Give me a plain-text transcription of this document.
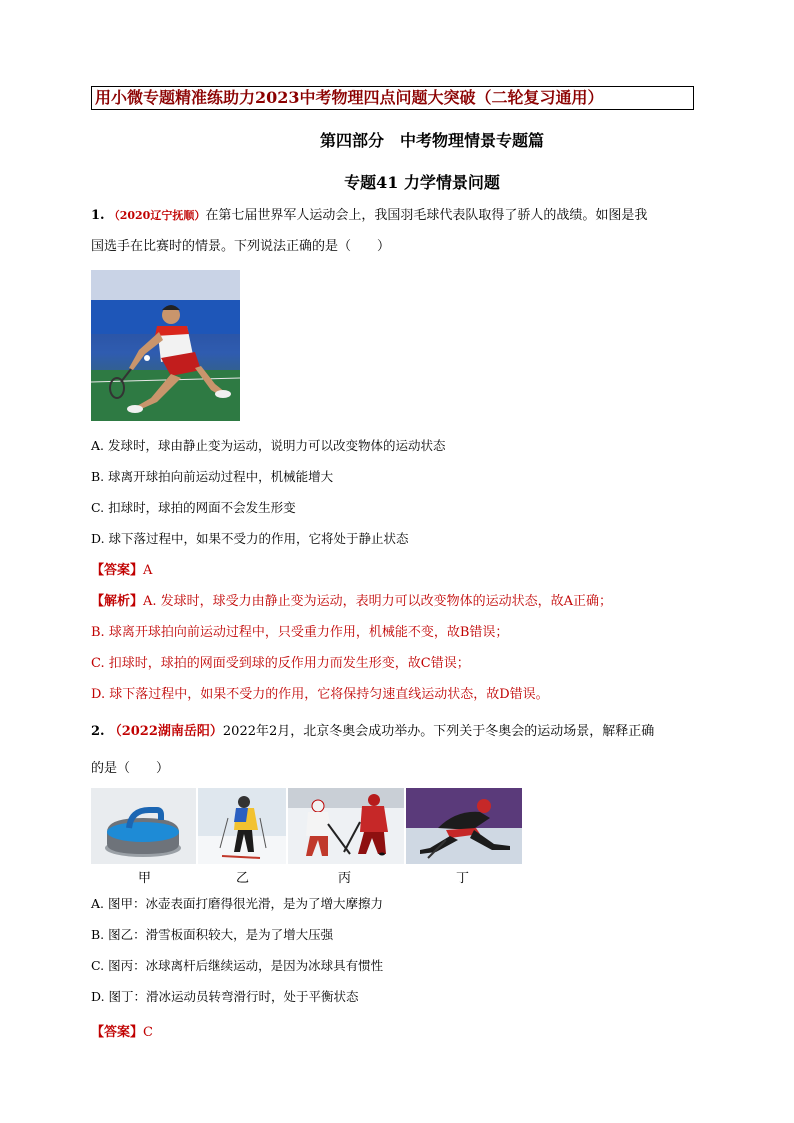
用小微专题精准练助力2023中考物理四点问题大突破（二轮复习通用）
第四部分　中考物理情景专题篇
专题41 力学情景问题
1. （2020辽宁抚顺）在第七届世界军人运动会上，我国羽毛球代表队取得了骄人的战绩。如图是我
国选手在比赛时的情景。下列说法正确的是（　　）
A. 发球时，球由静止变为运动，说明力可以改变物体的运动状态
B. 球离开球拍向前运动过程中，机械能增大
C. 扣球时，球拍的网面不会发生形变
D. 球下落过程中，如果不受力的作用，它将处于静止状态
【答案】A
【解析】A. 发球时，球受力由静止变为运动，表明力可以改变物体的运动状态，故A正确；
B. 球离开球拍向前运动过程中，只受重力作用，机械能不变，故B错误；
C. 扣球时，球拍的网面受到球的反作用力而发生形变，故C错误；
D. 球下落过程中，如果不受力的作用，它将保持匀速直线运动状态，故D错误。
2. （2022湖南岳阳）2022年2月，北京冬奥会成功举办。下列关于冬奥会的运动场景，解释正确
的是（　　）
甲	乙	丙	丁
A. 图甲：冰壶表面打磨得很光滑，是为了增大摩擦力
B. 图乙：滑雪板面积较大，是为了增大压强
C. 图丙：冰球离杆后继续运动，是因为冰球具有惯性
D. 图丁：滑冰运动员转弯滑行时，处于平衡状态
【答案】C
